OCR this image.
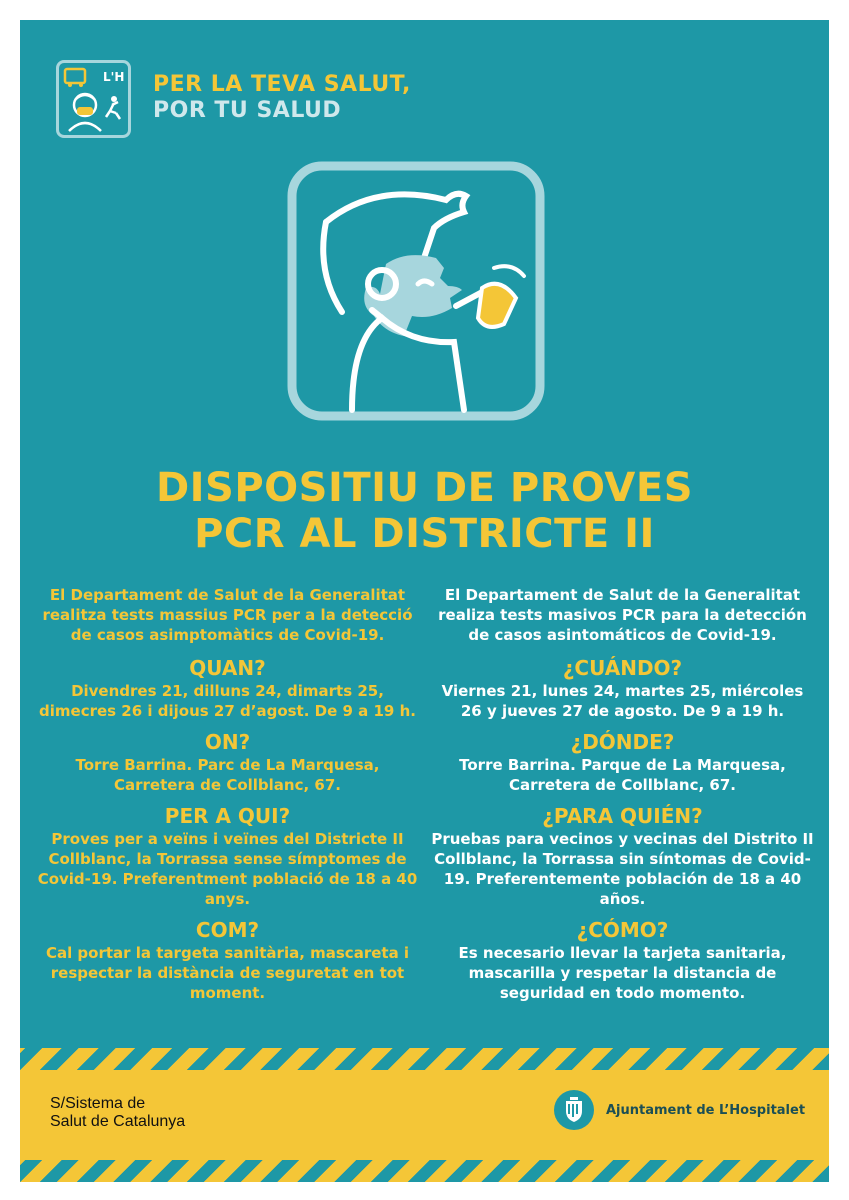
L'H PER LA TEVA SALUT,
POR TU SALUD
DISPOSITIU DE PROVES
PCR AL DISTRICTE II

El Departament de Salut de la Generalitat realitza tests massius PCR per a la detecció de casos asimptomàtics de Covid-19.

QUAN?

Divendres 21, dilluns 24, dimarts 25, dimecres 26 i dijous 27 d’agost. De 9 a 19 h.

ON?

Torre Barrina. Parc de La Marquesa, Carretera de Collblanc, 67.

PER A QUI?

Proves per a veïns i veïnes del Districte II Collblanc, la Torrassa sense símptomes de Covid-19. Preferentment població de 18 a 40 anys.

COM?

Cal portar la targeta sanitària, mascareta i respectar la distància de seguretat en tot moment.

El Departament de Salut de la Generalitat realiza tests masivos PCR para la detección de casos asintomáticos de Covid-19.

¿CUÁNDO?

Viernes 21, lunes 24, martes 25, miércoles 26 y jueves 27 de agosto. De 9 a 19 h.

¿DÓNDE?

Torre Barrina. Parque de La Marquesa, Carretera de Collblanc, 67.

¿PARA QUIÉN?

Pruebas para vecinos y vecinas del Distrito II Collblanc, la Torrassa sin síntomas de Covid-19. Preferentemente población de 18 a 40 años.

¿CÓMO?

Es necesario llevar la tarjeta sanitaria, mascarilla y respetar la distancia de seguridad en todo momento.

S/Sistema de
Salut de Catalunya
Ajuntament de L’Hospitalet
